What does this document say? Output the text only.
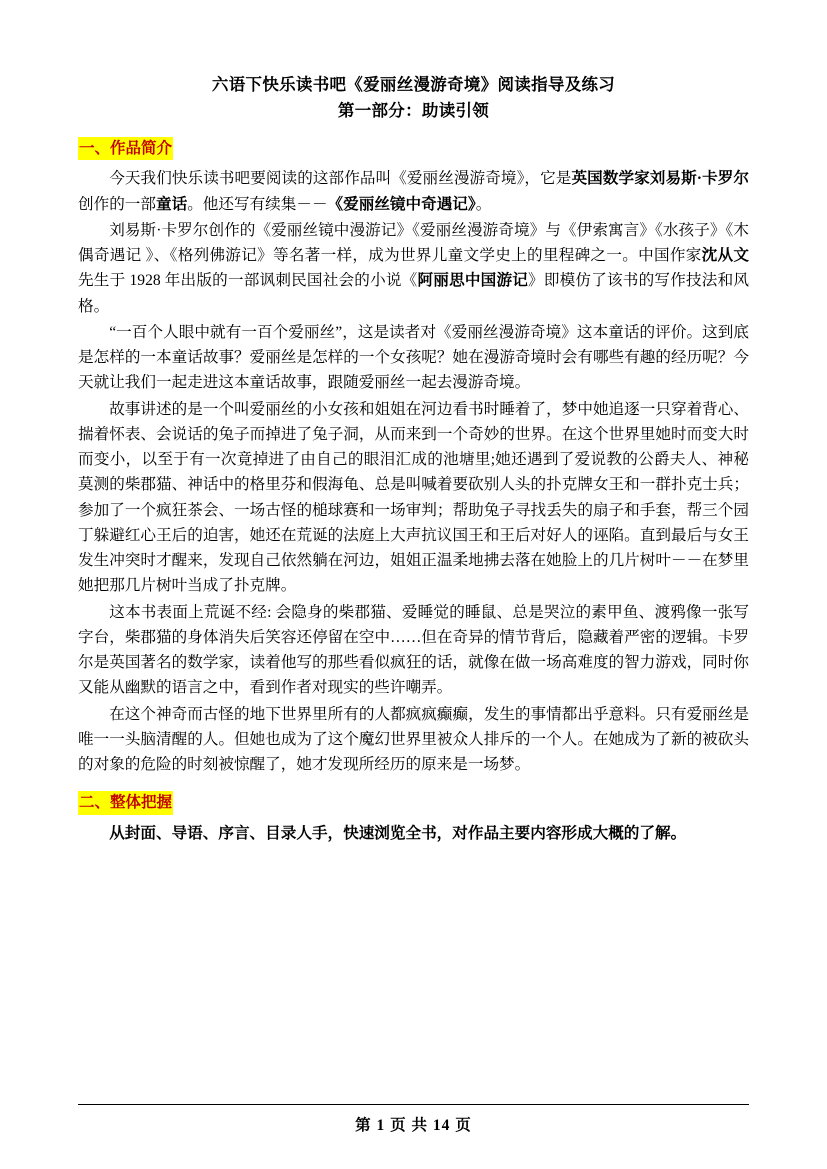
六语下快乐读书吧《爱丽丝漫游奇境》阅读指导及练习
第一部分：助读引领
一、作品简介

今天我们快乐读书吧要阅读的这部作品叫《爱丽丝漫游奇境》，它是英国数学家刘易斯·卡罗尔创作的一部童话。他还写有续集－－《爱丽丝镜中奇遇记》。

刘易斯·卡罗尔创作的《爱丽丝镜中漫游记》《爱丽丝漫游奇境》与《伊索寓言》《水孩子》《木偶奇遇记 》、《格列佛游记》等名著一样，成为世界儿童文学史上的里程碑之一。中国作家沈从文先生于 1928 年出版的一部讽刺民国社会的小说《阿丽思中国游记》即模仿了该书的写作技法和风格。

“一百个人眼中就有一百个爱丽丝”，这是读者对《爱丽丝漫游奇境》这本童话的评价。这到底是怎样的一本童话故事？爱丽丝是怎样的一个女孩呢？她在漫游奇境时会有哪些有趣的经历呢？今天就让我们一起走进这本童话故事，跟随爱丽丝一起去漫游奇境。

故事讲述的是一个叫爱丽丝的小女孩和姐姐在河边看书时睡着了，梦中她追逐一只穿着背心、揣着怀表、会说话的兔子而掉进了兔子洞，从而来到一个奇妙的世界。在这个世界里她时而变大时而变小，以至于有一次竟掉进了由自己的眼泪汇成的池塘里;她还遇到了爱说教的公爵夫人、神秘莫测的柴郡猫、神话中的格里芬和假海龟、总是叫喊着要砍别人头的扑克牌女王和一群扑克士兵；参加了一个疯狂茶会、一场古怪的槌球赛和一场审判；帮助兔子寻找丢失的扇子和手套，帮三个园丁躲避红心王后的迫害，她还在荒诞的法庭上大声抗议国王和王后对好人的诬陷。直到最后与女王发生冲突时才醒来，发现自己依然躺在河边，姐姐正温柔地拂去落在她脸上的几片树叶－－在梦里她把那几片树叶当成了扑克牌。

这本书表面上荒诞不经: 会隐身的柴郡猫、爱睡觉的睡鼠、总是哭泣的素甲鱼、渡鸦像一张写字台，柴郡猫的身体消失后笑容还停留在空中……但在奇异的情节背后，隐藏着严密的逻辑。卡罗尔是英国著名的数学家，读着他写的那些看似疯狂的话，就像在做一场高难度的智力游戏，同时你又能从幽默的语言之中，看到作者对现实的些许嘲弄。

在这个神奇而古怪的地下世界里所有的人都疯疯癫癫，发生的事情都出乎意料。只有爱丽丝是唯一一头脑清醒的人。但她也成为了这个魔幻世界里被众人排斥的一个人。在她成为了新的被砍头的对象的危险的时刻被惊醒了，她才发现所经历的原来是一场梦。

二、整体把握

从封面、导语、序言、目录人手，快速浏览全书，对作品主要内容形成大概的了解。

第 1 页 共 14 页
